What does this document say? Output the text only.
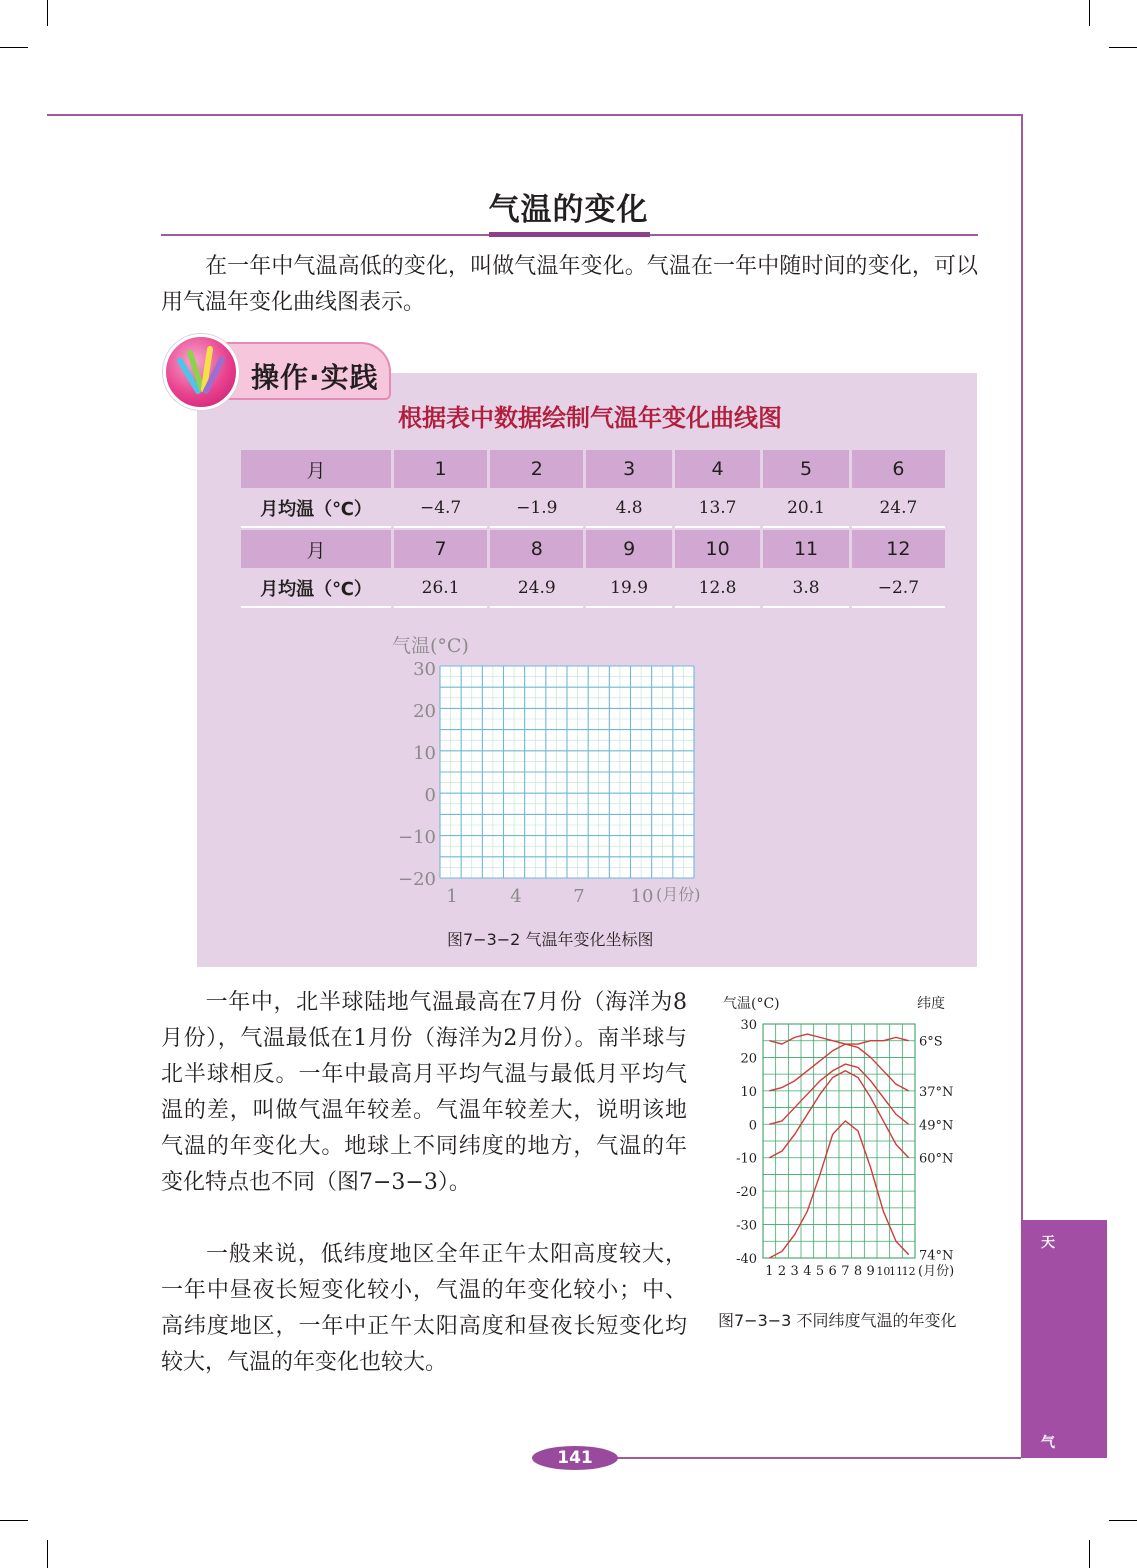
气温的变化
在一年中气温高低的变化，叫做气温年变化。气温在一年中随时间的变化，可以用气温年变化曲线图表示。
操作·实践
根据表中数据绘制气温年变化曲线图
月	1	2	3	4	5	6
月均温（℃）	−4.7	−1.9	4.8	13.7	20.1	24.7
月	7	8	9	10	11	12
月均温（℃）	26.1	24.9	19.9	12.8	3.8	−2.7
气温(°C)
30
20
10
0
−10
−20
1	4	7	10 (月份)
图7−3−2 气温年变化坐标图
一年中，北半球陆地气温最高在7月份（海洋为8月份），气温最低在1月份（海洋为2月份）。南半球与北半球相反。一年中最高月平均气温与最低月平均气温的差，叫做气温年较差。气温年较差大，说明该地气温的年变化大。地球上不同纬度的地方，气温的年变化特点也不同（图7−3−3）。
一般来说，低纬度地区全年正午太阳高度较大，一年中昼夜长短变化较小，气温的年变化较小；中、高纬度地区，一年中正午太阳高度和昼夜长短变化均较大，气温的年变化也较大。
6°S
37°N
49°N
60°N
74°N
30
20
10
0
-10
-20
-30
-40
1 2 3 4 5 6 7 8 9 10
11
12 (月份)
气温(°C)	纬度
图7−3−3 不同纬度气温的年变化
天
气
141
